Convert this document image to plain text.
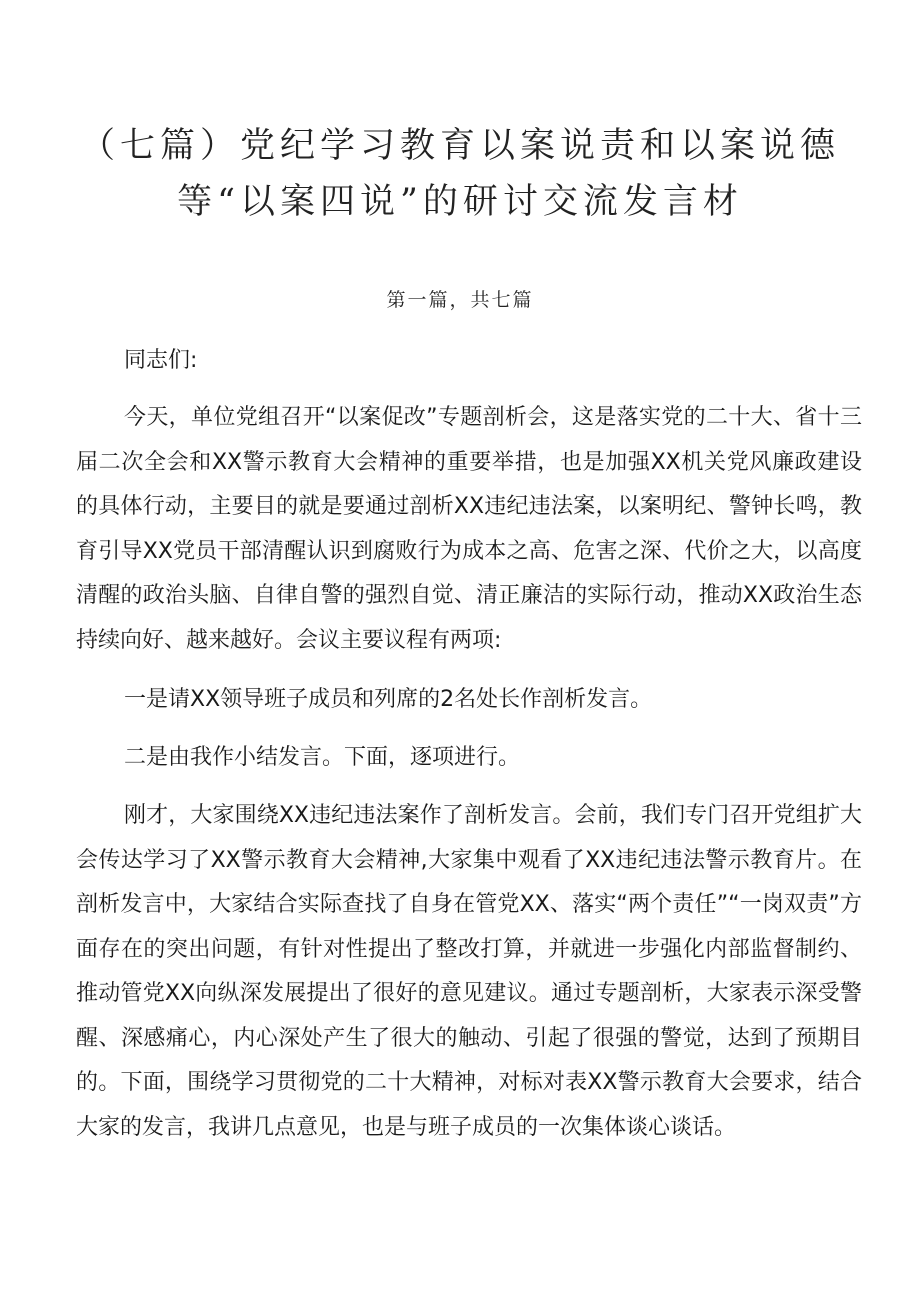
（七篇）党纪学习教育以案说责和以案说德等“以案四说”的研讨交流发言材
第一篇，共七篇

同志们:

今天，单位党组召开“以案促改”专题剖析会，这是落实党的二十大、省十三届二次全会和XX警示教育大会精神的重要举措，也是加强XX机关党风廉政建设的具体行动，主要目的就是要通过剖析XX违纪违法案，以案明纪、警钟长鸣，教育引导XX党员干部清醒认识到腐败行为成本之高、危害之深、代价之大，以高度清醒的政治头脑、自律自警的强烈自觉、清正廉洁的实际行动，推动XX政治生态持续向好、越来越好。会议主要议程有两项:

一是请XX领导班子成员和列席的2名处长作剖析发言。

二是由我作小结发言。下面，逐项进行。

刚才，大家围绕XX违纪违法案作了剖析发言。会前，我们专门召开党组扩大会传达学习了XX警示教育大会精神,大家集中观看了XX违纪违法警示教育片。在剖析发言中，大家结合实际查找了自身在管党XX、落实“两个责任”“一岗双责”方面存在的突出问题，有针对性提出了整改打算，并就进一步强化内部监督制约、推动管党XX向纵深发展提出了很好的意见建议。通过专题剖析，大家表示深受警醒、深感痛心，内心深处产生了很大的触动、引起了很强的警觉，达到了预期目的。下面，围绕学习贯彻党的二十大精神，对标对表XX警示教育大会要求，结合大家的发言，我讲几点意见，也是与班子成员的一次集体谈心谈话。
